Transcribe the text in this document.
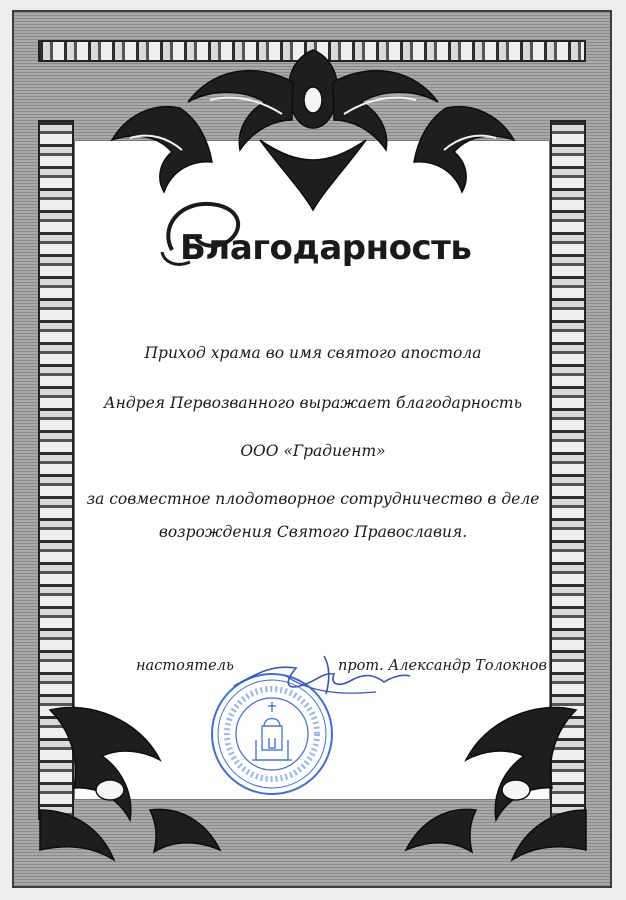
Благодарность
Приход храма во имя святого апостола
Андрея Первозванного выражает благодарность
ООО «Градиент»
за совместное плодотворное сотрудничество в деле
возрождения Святого Православия.
настоятель	прот. Александр Толокнов
